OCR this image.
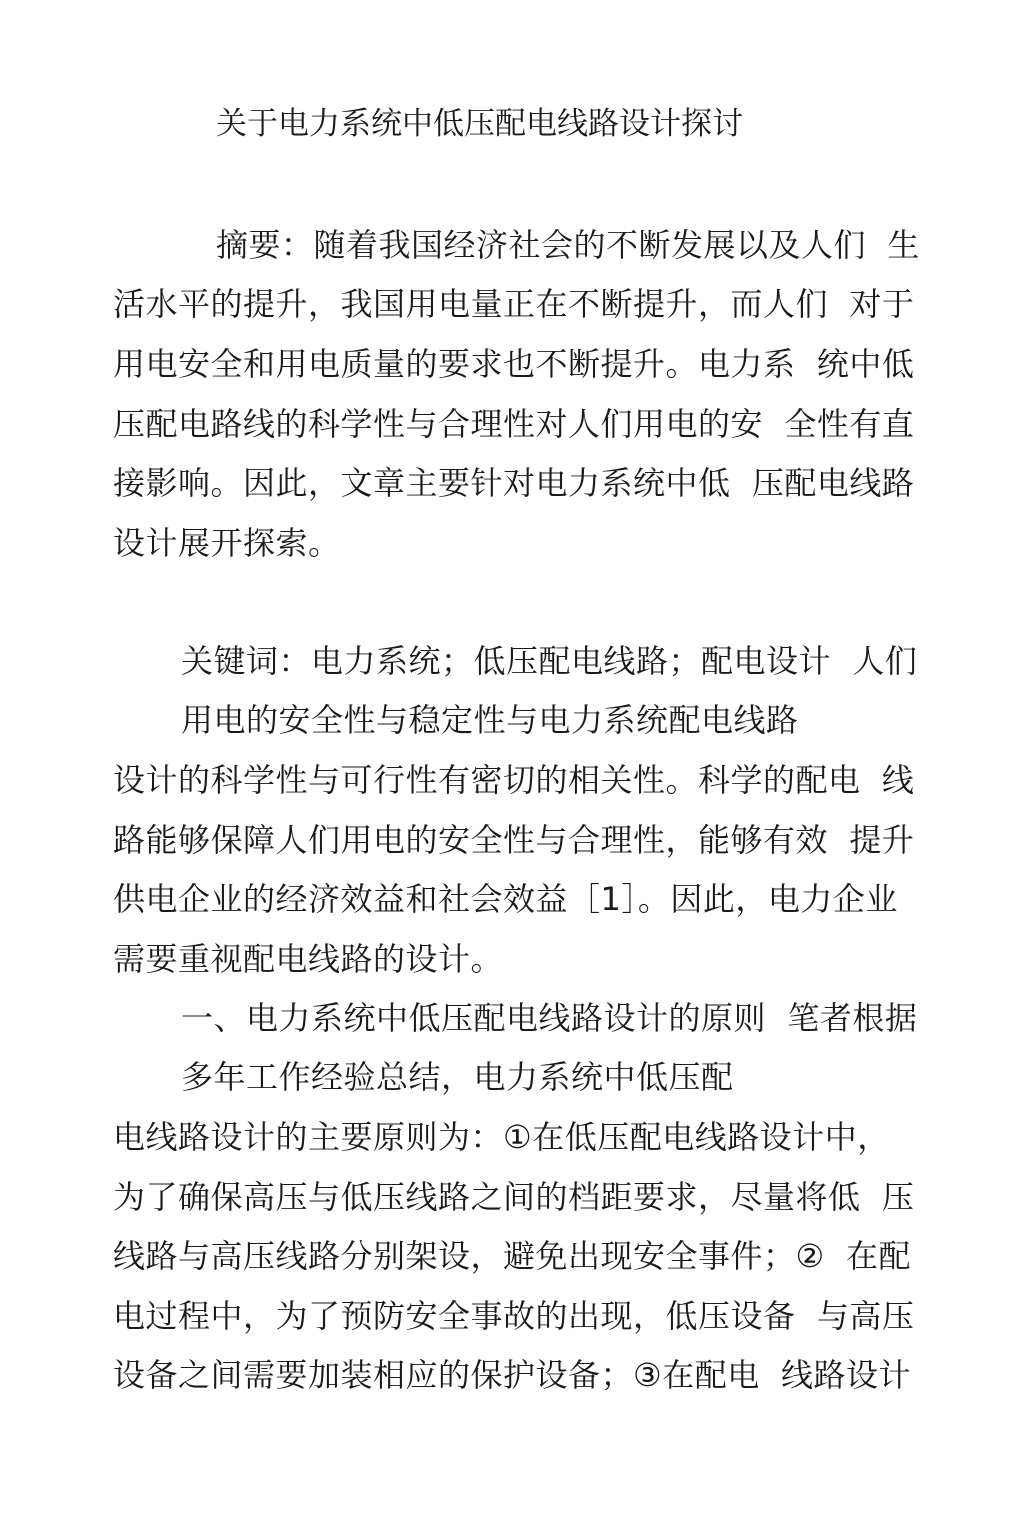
关于电力系统中低压配电线路设计探讨
摘要：随着我国经济社会的不断发展以及人们  生
活水平的提升，我国用电量正在不断提升，而人们  对于
用电安全和用电质量的要求也不断提升。电力系  统中低
压配电路线的科学性与合理性对人们用电的安  全性有直
接影响。因此，文章主要针对电力系统中低  压配电线路
设计展开探索。
关键词：电力系统；低压配电线路；配电设计  人们
用电的安全性与稳定性与电力系统配电线路
设计的科学性与可行性有密切的相关性。科学的配电  线
路能够保障人们用电的安全性与合理性，能够有效  提升
供电企业的经济效益和社会效益［1］。因此，电力企业
需要重视配电线路的设计。
一、电力系统中低压配电线路设计的原则  笔者根据
多年工作经验总结，电力系统中低压配
电线路设计的主要原则为：①在低压配电线路设计中，
为了确保高压与低压线路之间的档距要求，尽量将低  压
线路与高压线路分别架设，避免出现安全事件；②  在配
电过程中，为了预防安全事故的出现，低压设备  与高压
设备之间需要加装相应的保护设备；③在配电  线路设计
